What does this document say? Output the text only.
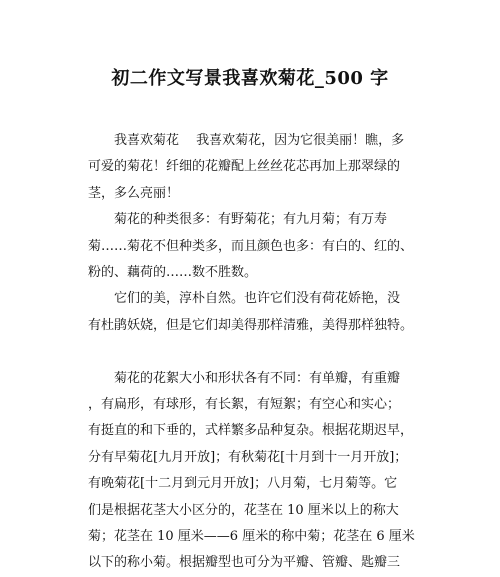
初二作文写景我喜欢菊花_500 字
我喜欢菊花　 我喜欢菊花，因为它很美丽！瞧，多
可爱的菊花！纤细的花瓣配上丝丝花芯再加上那翠绿的
茎，多么亮丽！
菊花的种类很多：有野菊花；有九月菊；有万寿
菊……菊花不但种类多，而且颜色也多：有白的、红的、
粉的、藕荷的……数不胜数。
它们的美，淳朴自然。也许它们没有荷花娇艳，没
有杜鹃妖娆，但是它们却美得那样清雅，美得那样独特。
菊花的花絮大小和形状各有不同：有单瓣，有重瓣
，有扁形，有球形，有长絮，有短絮；有空心和实心；
有挺直的和下垂的，式样繁多品种复杂。根据花期迟早，
分有早菊花[九月开放]；有秋菊花[十月到十一月开放]；
有晚菊花[十二月到元月开放]；八月菊，七月菊等。它
们是根据花茎大小区分的，花茎在 10 厘米以上的称大
菊；花茎在 10 厘米——6 厘米的称中菊；花茎在 6 厘米
以下的称小菊。根据瓣型也可分为平瓣、管瓣、匙瓣三
